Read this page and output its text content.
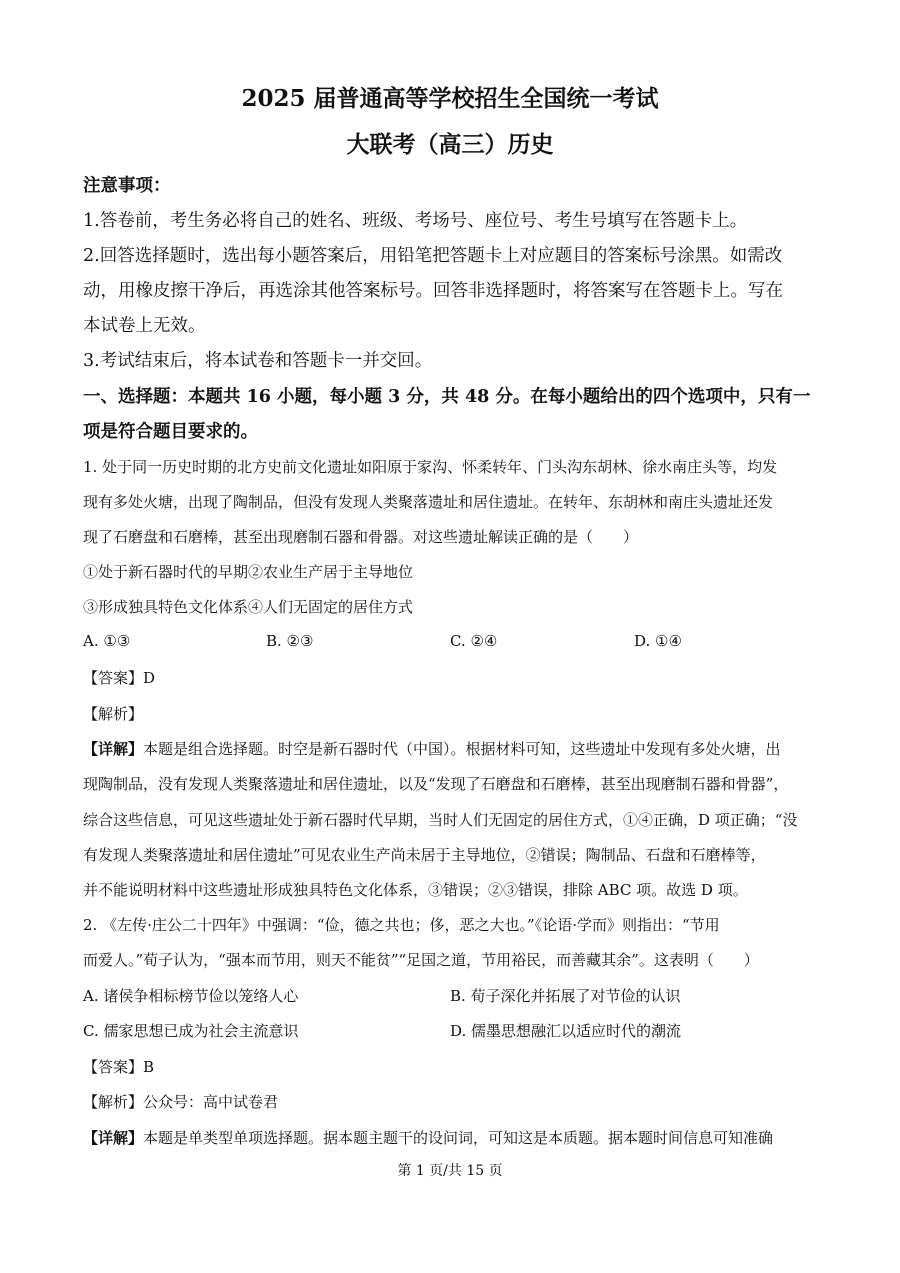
2025 届普通高等学校招生全国统一考试
大联考（高三）历史
注意事项：
1.答卷前，考生务必将自己的姓名、班级、考场号、座位号、考生号填写在答题卡上。
2.回答选择题时，选出每小题答案后，用铅笔把答题卡上对应题目的答案标号涂黑。如需改
动，用橡皮擦干净后，再选涂其他答案标号。回答非选择题时，将答案写在答题卡上。写在
本试卷上无效。
3.考试结束后，将本试卷和答题卡一并交回。
一、选择题：本题共 16 小题，每小题 3 分，共 48 分。在每小题给出的四个选项中，只有一
项是符合题目要求的。
1. 处于同一历史时期的北方史前文化遗址如阳原于家沟、怀柔转年、门头沟东胡林、徐水南庄头等，均发
现有多处火塘，出现了陶制品，但没有发现人类聚落遗址和居住遗址。在转年、东胡林和南庄头遗址还发
现了石磨盘和石磨棒，甚至出现磨制石器和骨器。对这些遗址解读正确的是（　　）
①处于新石器时代的早期②农业生产居于主导地位
③形成独具特色文化体系④人们无固定的居住方式
A. ①③	B. ②③	C. ②④	D. ①④
【答案】D
【解析】
【详解】本题是组合选择题。时空是新石器时代（中国）。根据材料可知，这些遗址中发现有多处火塘，出
现陶制品，没有发现人类聚落遗址和居住遗址，以及“发现了石磨盘和石磨棒，甚至出现磨制石器和骨器”，
综合这些信息，可见这些遗址处于新石器时代早期，当时人们无固定的居住方式，①④正确，D 项正确；“没
有发现人类聚落遗址和居住遗址”可见农业生产尚未居于主导地位，②错误；陶制品、石盘和石磨棒等，
并不能说明材料中这些遗址形成独具特色文化体系，③错误；②③错误，排除 ABC 项。故选 D 项。
2. 《左传·庄公二十四年》中强调：“俭，德之共也；侈，恶之大也。”《论语·学而》则指出：“节用
而爱人。”荀子认为，“强本而节用，则天不能贫”“足国之道，节用裕民，而善藏其余”。这表明（　　）
A. 诸侯争相标榜节俭以笼络人心	B. 荀子深化并拓展了对节俭的认识
C. 儒家思想已成为社会主流意识	D. 儒墨思想融汇以适应时代的潮流
【答案】B
【解析】公众号：高中试卷君
【详解】本题是单类型单项选择题。据本题主题干的设问词，可知这是本质题。据本题时间信息可知准确
第 1 页/共 15 页
